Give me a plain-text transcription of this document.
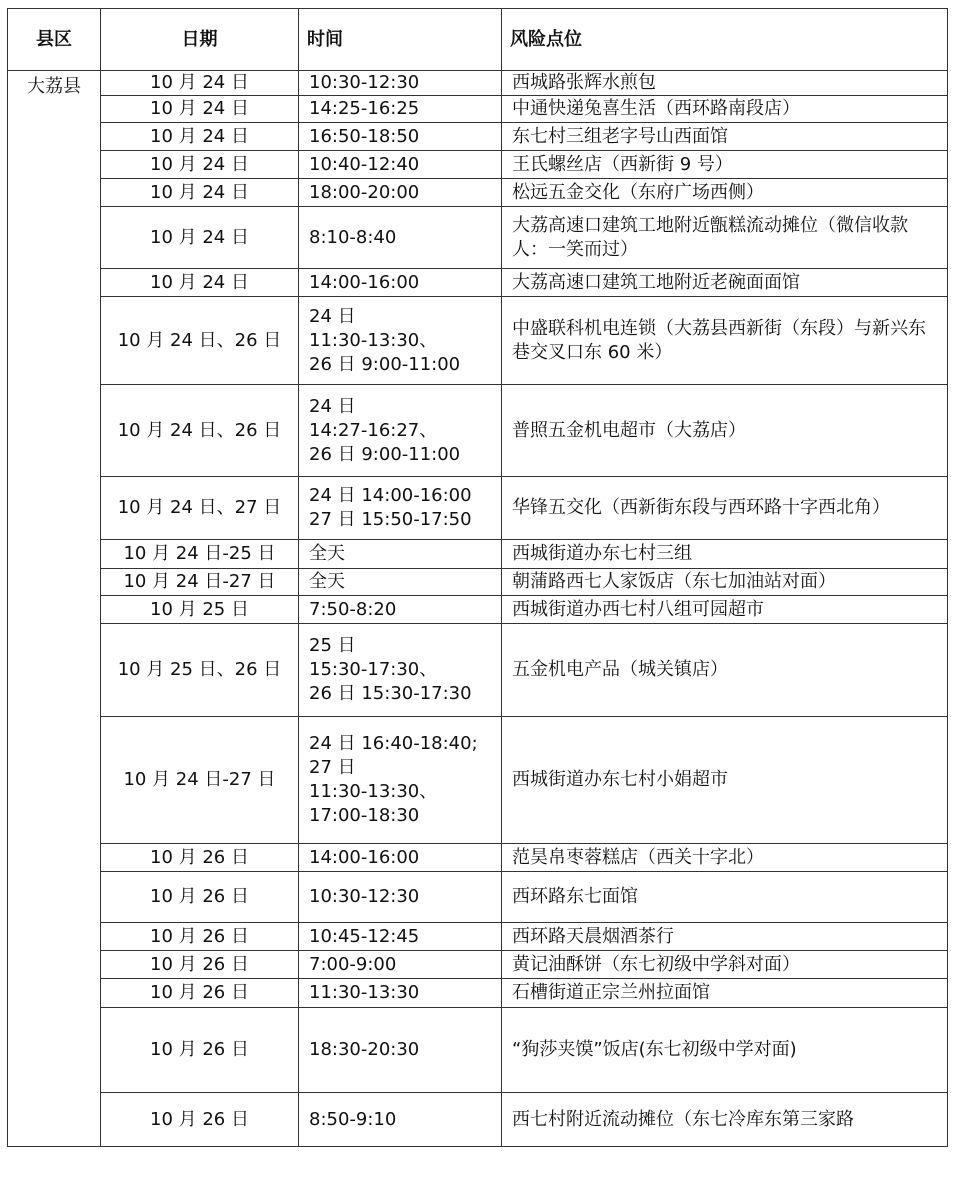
县区	日期	时间	风险点位
大荔县	10 月 24 日	10:30-12:30	西城路张辉水煎包
	10 月 24 日	14:25-16:25	中通快递兔喜生活（西环路南段店）
	10 月 24 日	16:50-18:50	东七村三组老字号山西面馆
	10 月 24 日	10:40-12:40	王氏螺丝店（西新街 9 号）
	10 月 24 日	18:00-20:00	松远五金交化（东府广场西侧）
	10 月 24 日	8:10-8:40	大荔高速口建筑工地附近甑糕流动摊位（微信收款人：一笑而过）
	10 月 24 日	14:00-16:00	大荔高速口建筑工地附近老碗面面馆
	10 月 24 日、26 日	24 日
11:30-13:30、
26 日 9:00-11:00	中盛联科机电连锁（大荔县西新街（东段）与新兴东巷交叉口东 60 米）
	10 月 24 日、26 日	24 日
14:27-16:27、
26 日 9:00-11:00	普照五金机电超市（大荔店）
	10 月 24 日、27 日	24 日 14:00-16:00
27 日 15:50-17:50	华锋五交化（西新街东段与西环路十字西北角）
	10 月 24 日-25 日	全天	西城街道办东七村三组
	10 月 24 日-27 日	全天	朝蒲路西七人家饭店（东七加油站对面）
	10 月 25 日	7:50-8:20	西城街道办西七村八组可园超市
	10 月 25 日、26 日	25 日
15:30-17:30、
26 日 15:30-17:30	五金机电产品（城关镇店）
	10 月 24 日-27 日	24 日 16:40-18:40;
27 日
11:30-13:30、
17:00-18:30	西城街道办东七村小娟超市
	10 月 26 日	14:00-16:00	范昊帛枣蓉糕店（西关十字北）
	10 月 26 日	10:30-12:30	西环路东七面馆
	10 月 26 日	10:45-12:45	西环路天晨烟酒茶行
	10 月 26 日	7:00-9:00	黄记油酥饼（东七初级中学斜对面）
	10 月 26 日	11:30-13:30	石槽街道正宗兰州拉面馆
	10 月 26 日	18:30-20:30	“狗莎夹馍”饭店(东七初级中学对面)
	10 月 26 日	8:50-9:10	西七村附近流动摊位（东七冷库东第三家路
